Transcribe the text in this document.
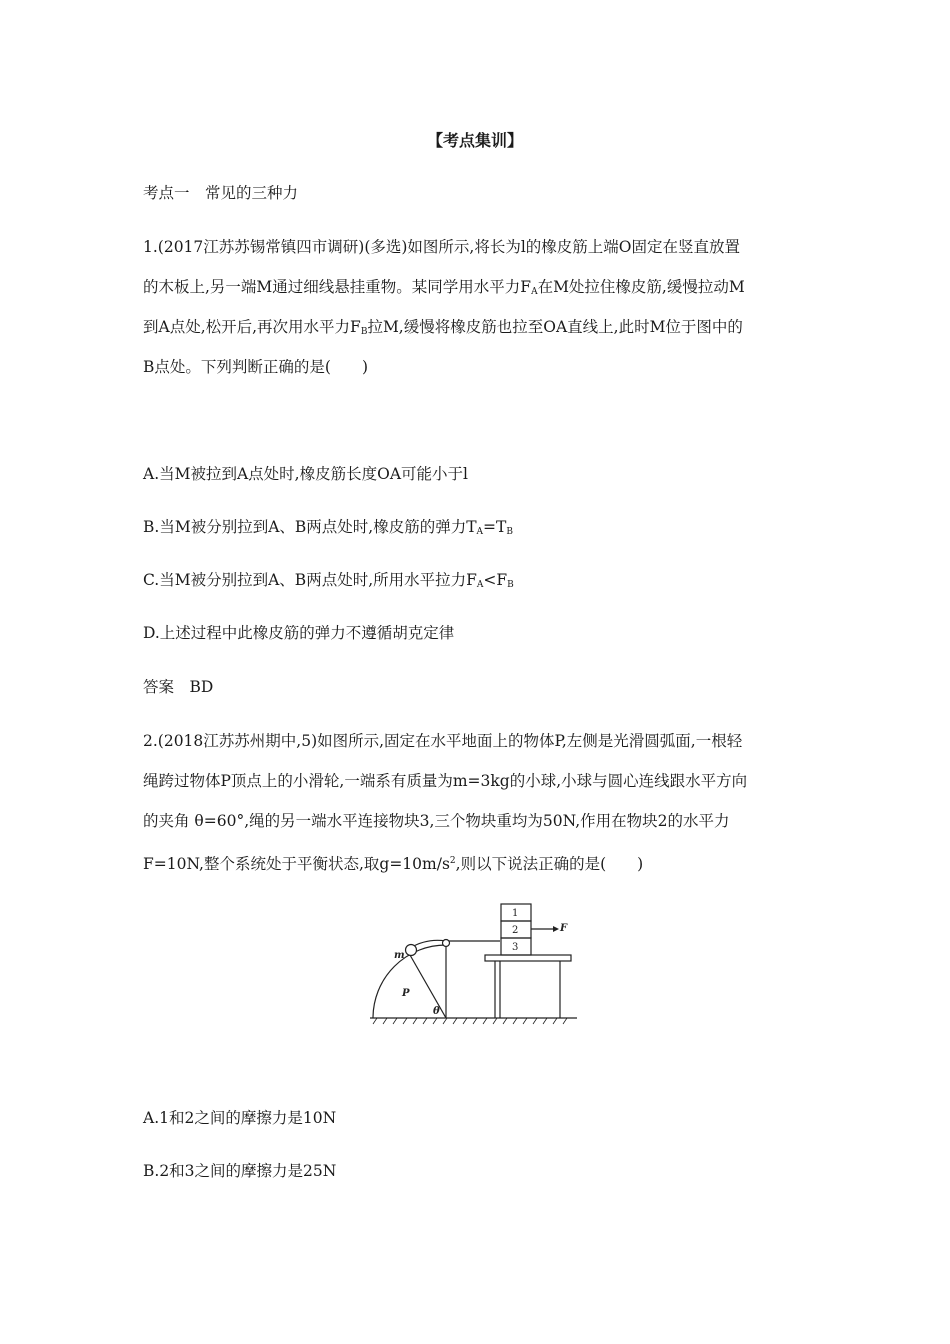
【考点集训】
考点一　常见的三种力
1.(2017江苏苏锡常镇四市调研)(多选)如图所示,将长为l的橡皮筋上端O固定在竖直放置
的木板上,另一端M通过细线悬挂重物。某同学用水平力$F_A$在M处拉住橡皮筋,缓慢拉动M
到A点处,松开后,再次用水平力$F_B$拉M,缓慢将橡皮筋也拉至OA直线上,此时M位于图中的
B点处。下列判断正确的是(　　)
A.当M被拉到A点处时,橡皮筋长度OA可能小于l
B.当M被分别拉到A、B两点处时,橡皮筋的弹力$T_A=T_B$
C.当M被分别拉到A、B两点处时,所用水平拉力$F_A<F_B$
D.上述过程中此橡皮筋的弹力不遵循胡克定律
答案　BD
2.(2018江苏苏州期中,5)如图所示,固定在水平地面上的物体P,左侧是光滑圆弧面,一根轻
绳跨过物体P顶点上的小滑轮,一端系有质量为m=3kg的小球,小球与圆心连线跟水平方向
的夹角 θ=60°,绳的另一端水平连接物块3,三个物块重均为50N,作用在物块2的水平力
F=10N,整个系统处于平衡状态,取$g=10m/s^2$,则以下说法正确的是(　　)
1
2
3
F
m
P
θ
A.1和2之间的摩擦力是10N
B.2和3之间的摩擦力是25N
